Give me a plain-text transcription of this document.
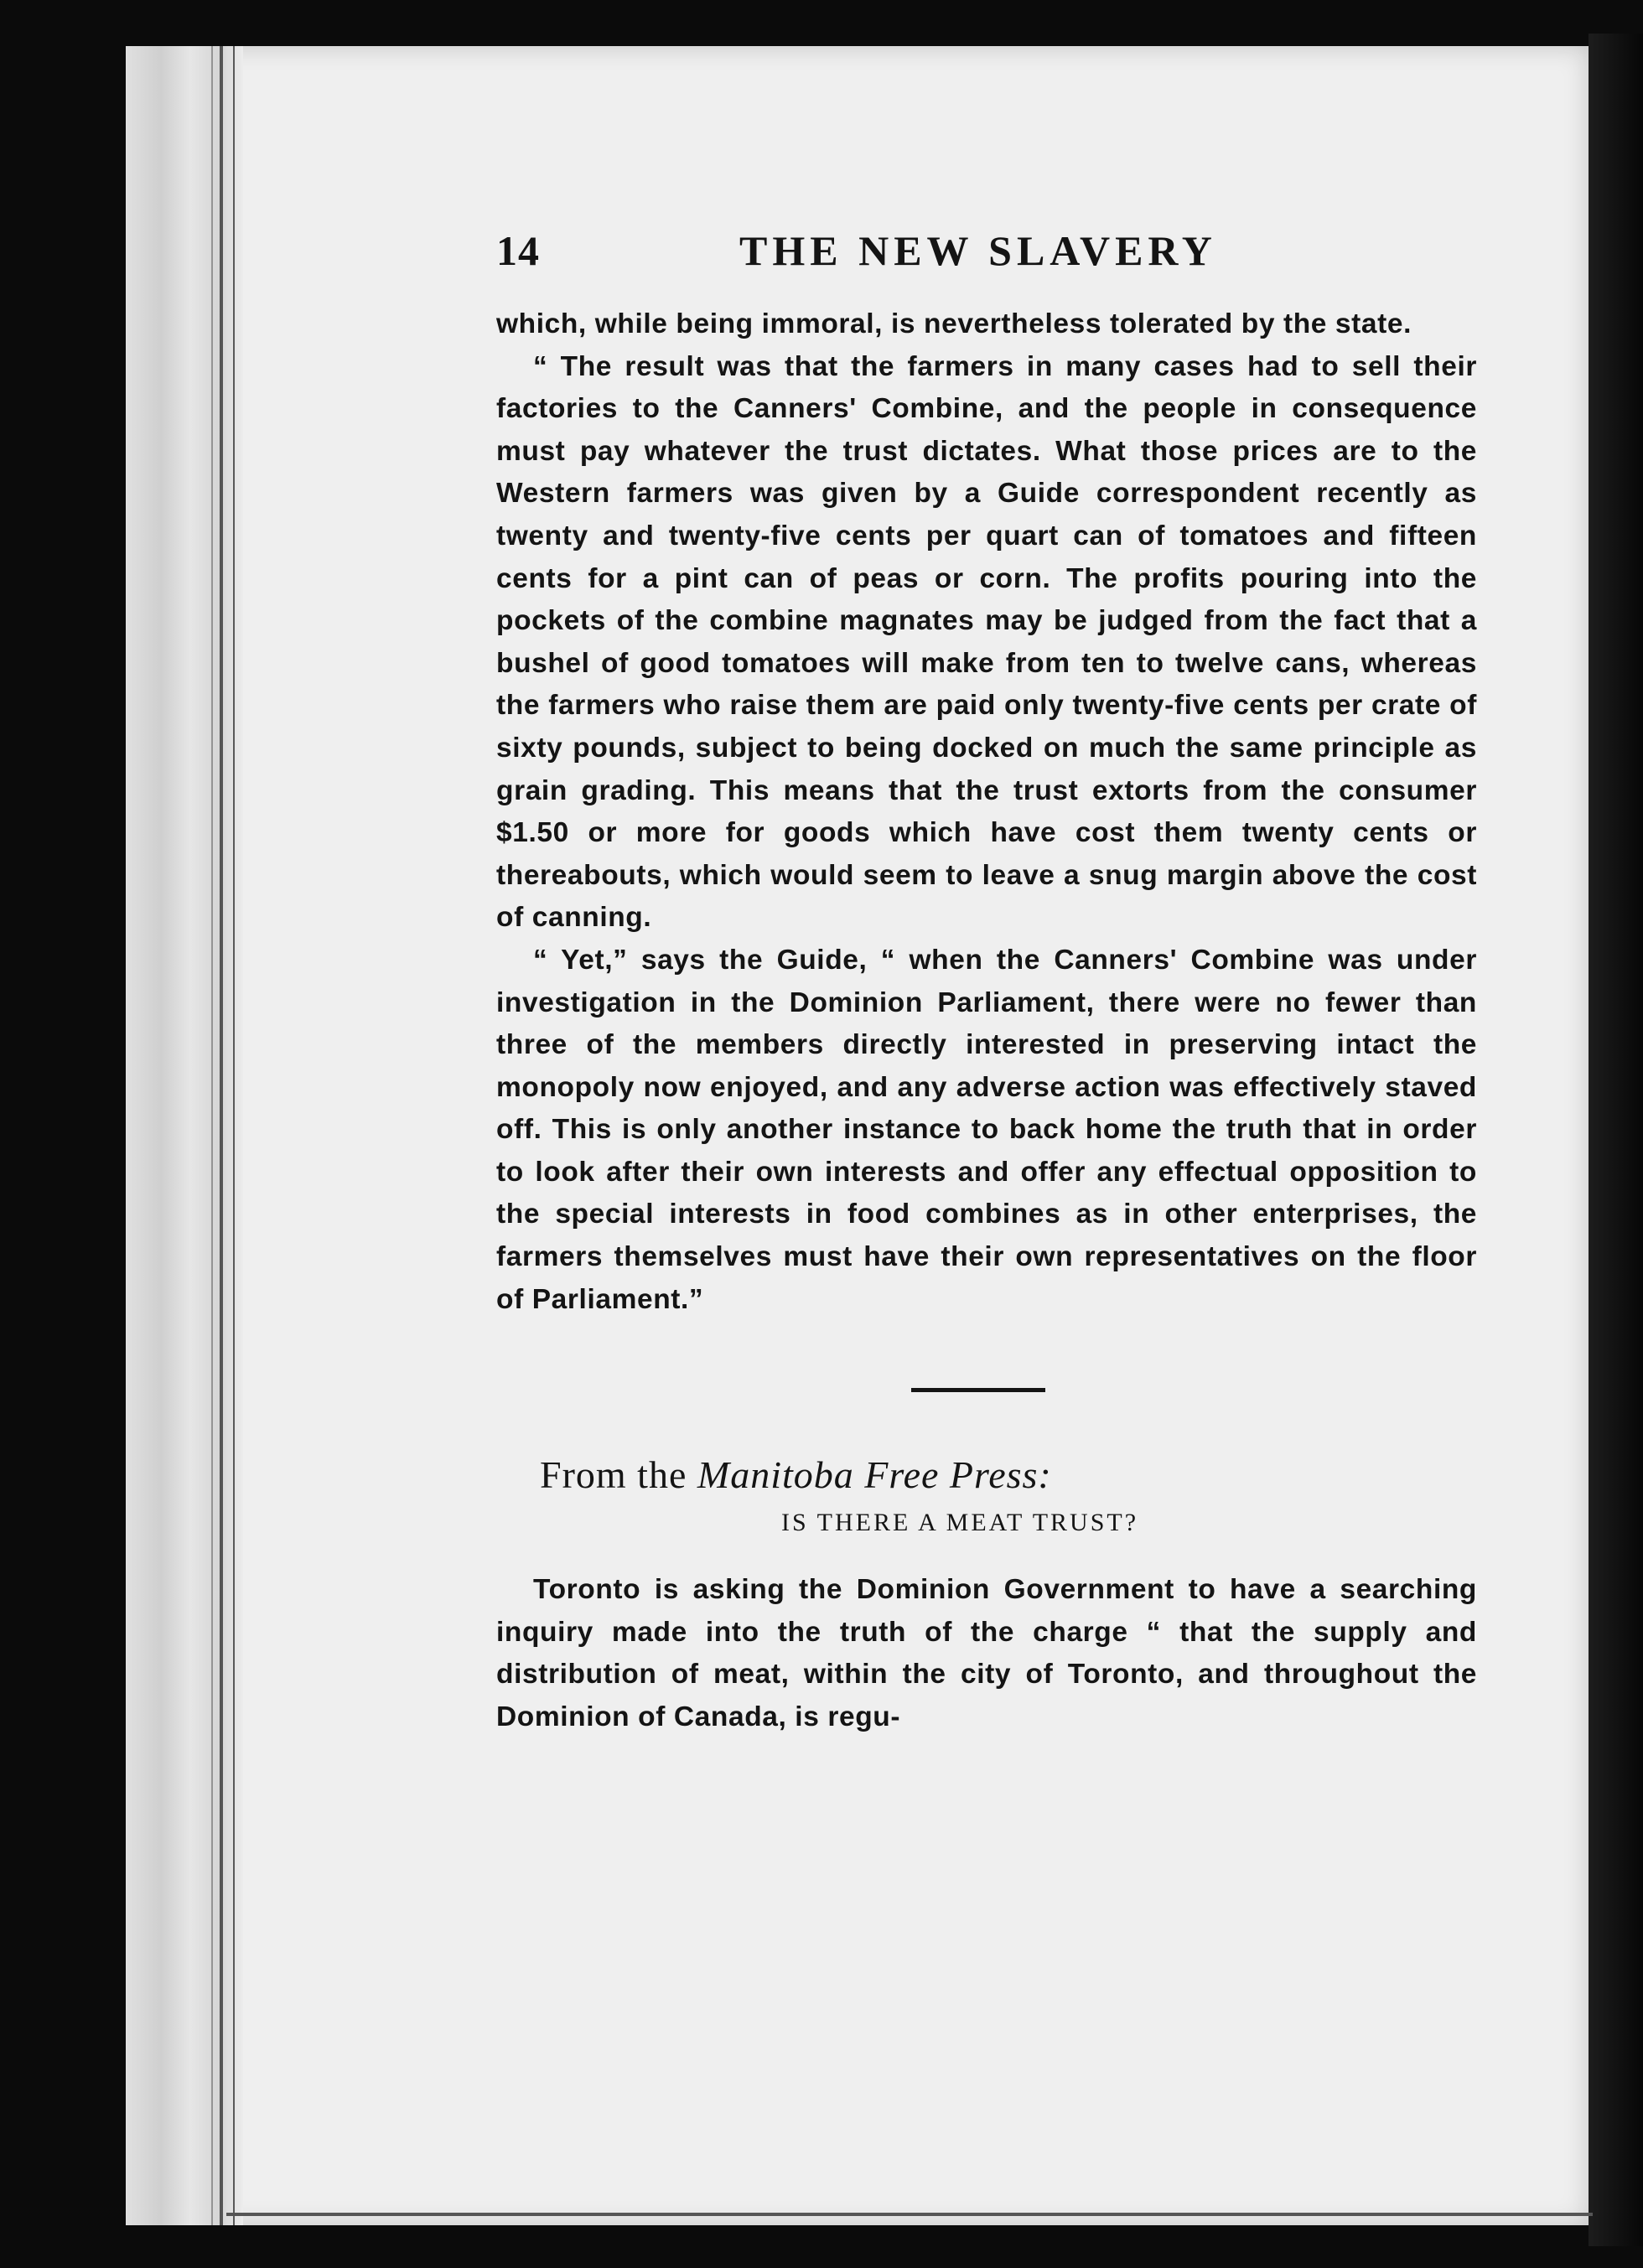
14	THE NEW SLAVERY

which, while being immoral, is nevertheless tolerated by the state.

“ The result was that the farmers in many cases had to sell their factories to the Canners' Combine, and the people in consequence must pay whatever the trust dictates. What those prices are to the Western farmers was given by a Guide correspondent recently as twenty and twenty-five cents per quart can of tomatoes and fifteen cents for a pint can of peas or corn. The profits pouring into the pockets of the combine magnates may be judged from the fact that a bushel of good tomatoes will make from ten to twelve cans, whereas the farmers who raise them are paid only twenty-five cents per crate of sixty pounds, subject to being docked on much the same principle as grain grading. This means that the trust extorts from the consumer $1.50 or more for goods which have cost them twenty cents or thereabouts, which would seem to leave a snug margin above the cost of canning.

“ Yet,” says the Guide, “ when the Canners' Combine was under investigation in the Dominion Parliament, there were no fewer than three of the members directly interested in preserving intact the monopoly now enjoyed, and any adverse action was effectively staved off. This is only another instance to back home the truth that in order to look after their own interests and offer any effectual opposition to the special interests in food combines as in other enterprises, the farmers themselves must have their own representatives on the floor of Parliament.”

From the Manitoba Free Press:
IS THERE A MEAT TRUST?

Toronto is asking the Dominion Government to have a searching inquiry made into the truth of the charge “ that the supply and distribution of meat, within the city of Toronto, and throughout the Dominion of Canada, is regu-
